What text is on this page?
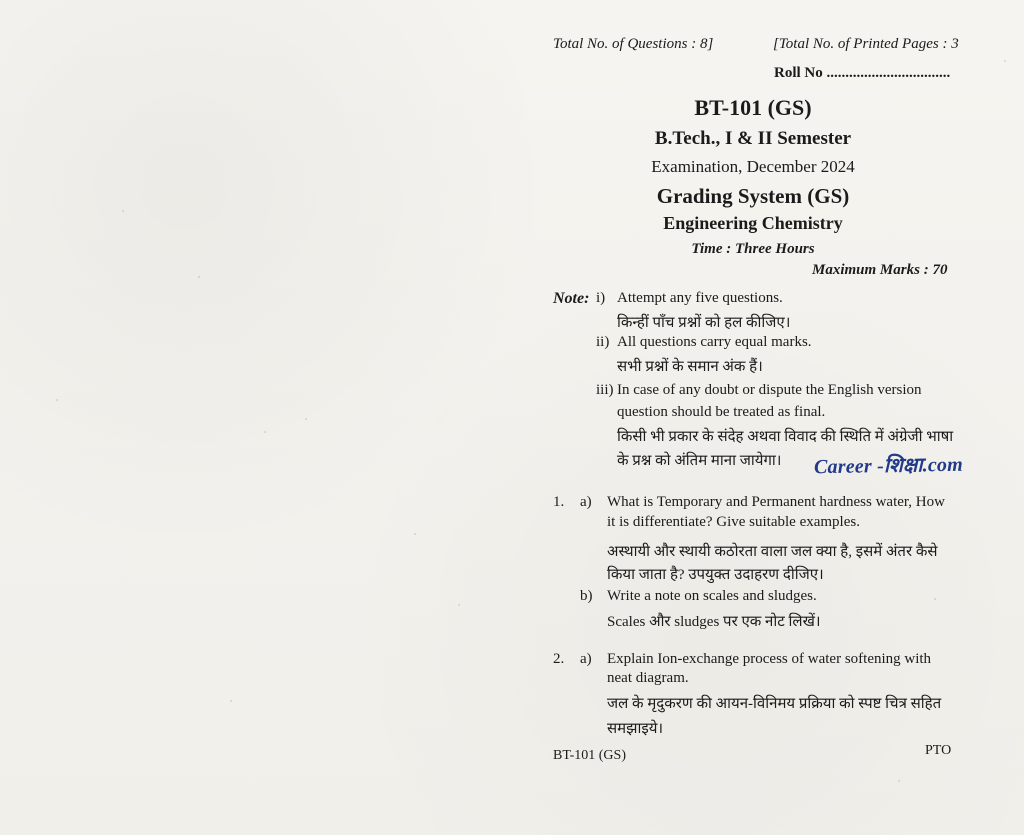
Total No. of Questions : 8]	[Total No. of Printed Pages : 3
Roll No .................................
BT-101 (GS)
B.Tech., I & II Semester
Examination, December 2024
Grading System (GS)
Engineering Chemistry
Time : Three Hours
Maximum Marks : 70
Note: i) Attempt any five questions.
किन्हीं पाँच प्रश्नों को हल कीजिए।
ii) All questions carry equal marks.
सभी प्रश्नों के समान अंक हैं।
iii) In case of any doubt or dispute the English version
question should be treated as final.
किसी भी प्रकार के संदेह अथवा विवाद की स्थिति में अंग्रेजी भाषा
के प्रश्न को अंतिम माना जायेगा। Career -शिक्षा.com
1. a) What is Temporary and Permanent hardness water, How
it is differentiate? Give suitable examples.
अस्थायी और स्थायी कठोरता वाला जल क्या है, इसमें अंतर कैसे
किया जाता है? उपयुक्त उदाहरण दीजिए।
b) Write a note on scales and sludges.
Scales और sludges पर एक नोट लिखें।
2. a) Explain Ion-exchange process of water softening with
neat diagram.
जल के मृदुकरण की आयन-विनिमय प्रक्रिया को स्पष्ट चित्र सहित
समझाइये।
BT-101 (GS)	PTO
